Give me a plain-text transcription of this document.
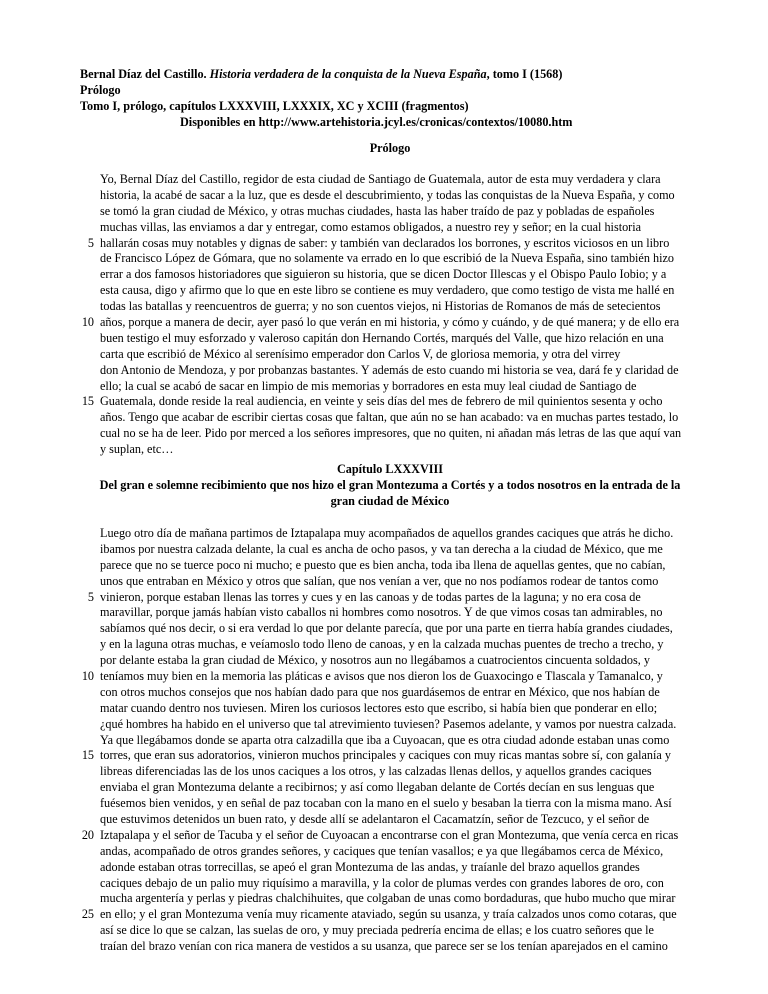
Bernal Díaz del Castillo. Historia verdadera de la conquista de la Nueva España, tomo I (1568)
Prólogo
Tomo I, prólogo, capítulos LXXXVIII, LXXXIX, XC y XCIII (fragmentos)
Disponibles en http://www.artehistoria.jcyl.es/cronicas/contextos/10080.htm
Prólogo
Yo, Bernal Díaz del Castillo, regidor de esta ciudad de Santiago de Guatemala, autor de esta muy verdadera y clara
historia, la acabé de sacar a la luz, que es desde el descubrimiento, y todas las conquistas de la Nueva España, y como
se tomó la gran ciudad de México, y otras muchas ciudades, hasta las haber traído de paz y pobladas de españoles
muchas villas, las enviamos a dar y entregar, como estamos obligados, a nuestro rey y señor; en la cual historia
5 hallarán cosas muy notables y dignas de saber: y también van declarados los borrones, y escritos viciosos en un libro
de Francisco López de Gómara, que no solamente va errado en lo que escribió de la Nueva España, sino también hizo
errar a dos famosos historiadores que siguieron su historia, que se dicen Doctor Illescas y el Obispo Paulo Iobio; y a
esta causa, digo y afirmo que lo que en este libro se contiene es muy verdadero, que como testigo de vista me hallé en
todas las batallas y reencuentros de guerra; y no son cuentos viejos, ni Historias de Romanos de más de setecientos
10 años, porque a manera de decir, ayer pasó lo que verán en mi historia, y cómo y cuándo, y de qué manera; y de ello era
buen testigo el muy esforzado y valeroso capitán don Hernando Cortés, marqués del Valle, que hizo relación en una
carta que escribió de México al serenísimo emperador don Carlos V, de gloriosa memoria, y otra del virrey
don Antonio de Mendoza, y por probanzas bastantes. Y además de esto cuando mi historia se vea, dará fe y claridad de
ello; la cual se acabó de sacar en limpio de mis memorias y borradores en esta muy leal ciudad de Santiago de
15 Guatemala, donde reside la real audiencia, en veinte y seis días del mes de febrero de mil quinientos sesenta y ocho
años. Tengo que acabar de escribir ciertas cosas que faltan, que aún no se han acabado: va en muchas partes testado, lo
cual no se ha de leer. Pido por merced a los señores impresores, que no quiten, ni añadan más letras de las que aquí van
y suplan, etc…
Capítulo LXXXVIII
Del gran e solemne recibimiento que nos hizo el gran Montezuma a Cortés y a todos nosotros en la entrada de la
gran ciudad de México
Luego otro día de mañana partimos de Iztapalapa muy acompañados de aquellos grandes caciques que atrás he dicho.
ibamos por nuestra calzada delante, la cual es ancha de ocho pasos, y va tan derecha a la ciudad de México, que me
parece que no se tuerce poco ni mucho; e puesto que es bien ancha, toda iba llena de aquellas gentes, que no cabían,
unos que entraban en México y otros que salían, que nos venían a ver, que no nos podíamos rodear de tantos como
5 vinieron, porque estaban llenas las torres y cues y en las canoas y de todas partes de la laguna; y no era cosa de
maravillar, porque jamás habían visto caballos ni hombres como nosotros. Y de que vimos cosas tan admirables, no
sabíamos qué nos decir, o si era verdad lo que por delante parecía, que por una parte en tierra había grandes ciudades,
y en la laguna otras muchas, e veíamoslo todo lleno de canoas, y en la calzada muchas puentes de trecho a trecho, y
por delante estaba la gran ciudad de México, y nosotros aun no llegábamos a cuatrocientos cincuenta soldados, y
10 teníamos muy bien en la memoria las pláticas e avisos que nos dieron los de Guaxocingo e Tlascala y Tamanalco, y
con otros muchos consejos que nos habían dado para que nos guardásemos de entrar en México, que nos habían de
matar cuando dentro nos tuviesen. Miren los curiosos lectores esto que escribo, si había bien que ponderar en ello;
¿qué hombres ha habido en el universo que tal atrevimiento tuviesen? Pasemos adelante, y vamos por nuestra calzada.
Ya que llegábamos donde se aparta otra calzadilla que iba a Cuyoacan, que es otra ciudad adonde estaban unas como
15 torres, que eran sus adoratorios, vinieron muchos principales y caciques con muy ricas mantas sobre sí, con galanía y
libreas diferenciadas las de los unos caciques a los otros, y las calzadas llenas dellos, y aquellos grandes caciques
enviaba el gran Montezuma delante a recibirnos; y así como llegaban delante de Cortés decían en sus lenguas que
fuésemos bien venidos, y en señal de paz tocaban con la mano en el suelo y besaban la tierra con la misma mano. Así
que estuvimos detenidos un buen rato, y desde allí se adelantaron el Cacamatzín, señor de Tezcuco, y el señor de
20 Iztapalapa y el señor de Tacuba y el señor de Cuyoacan a encontrarse con el gran Montezuma, que venía cerca en ricas
andas, acompañado de otros grandes señores, y caciques que tenían vasallos; e ya que llegábamos cerca de México,
adonde estaban otras torrecillas, se apeó el gran Montezuma de las andas, y traíanle del brazo aquellos grandes
caciques debajo de un palio muy riquísimo a maravilla, y la color de plumas verdes con grandes labores de oro, con
mucha argentería y perlas y piedras chalchihuites, que colgaban de unas como bordaduras, que hubo mucho que mirar
25 en ello; y el gran Montezuma venía muy ricamente ataviado, según su usanza, y traía calzados unos como cotaras, que
así se dice lo que se calzan, las suelas de oro, y muy preciada pedrería encima de ellas; e los cuatro señores que le
traían del brazo venían con rica manera de vestidos a su usanza, que parece ser se los tenían aparejados en el camino
